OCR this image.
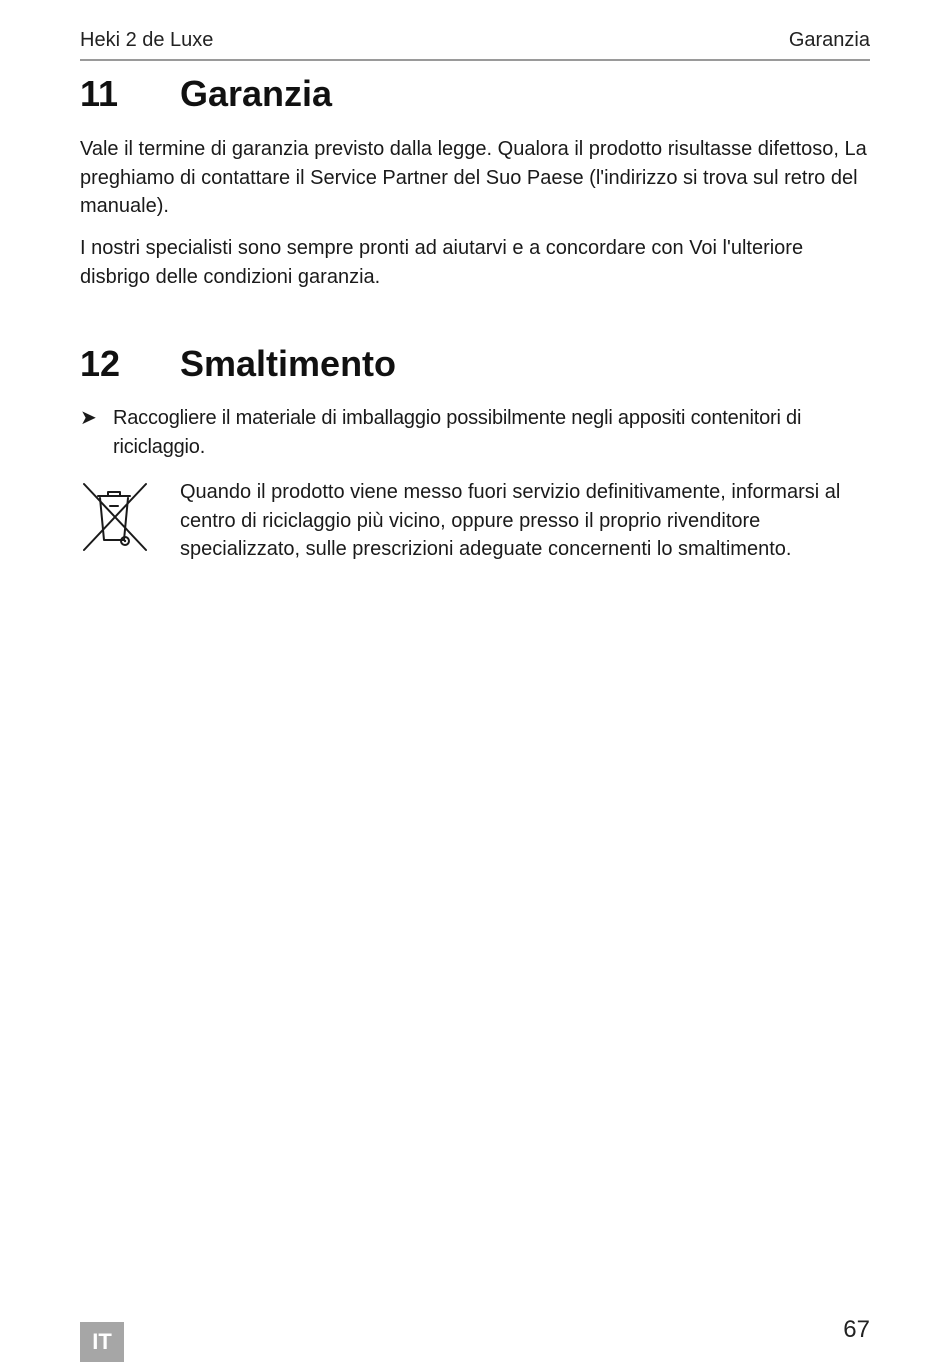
Heki 2 de Luxe	Garanzia
11 Garanzia
Vale il termine di garanzia previsto dalla legge. Qualora il prodotto risultasse difettoso, La preghiamo di contattare il Service Partner del Suo Paese (l'indirizzo si trova sul retro del manuale).
I nostri specialisti sono sempre pronti ad aiutarvi e a concordare con Voi l'ulteriore disbrigo delle condizioni garanzia.
12 Smaltimento
➤ Raccogliere il materiale di imballaggio possibilmente negli appositi contenitori di riciclaggio.
Quando il prodotto viene messo fuori servizio definitivamente, informarsi al centro di riciclaggio più vicino, oppure presso il proprio rivenditore specializzato, sulle prescrizioni adeguate concernenti lo smaltimento.
IT	67
